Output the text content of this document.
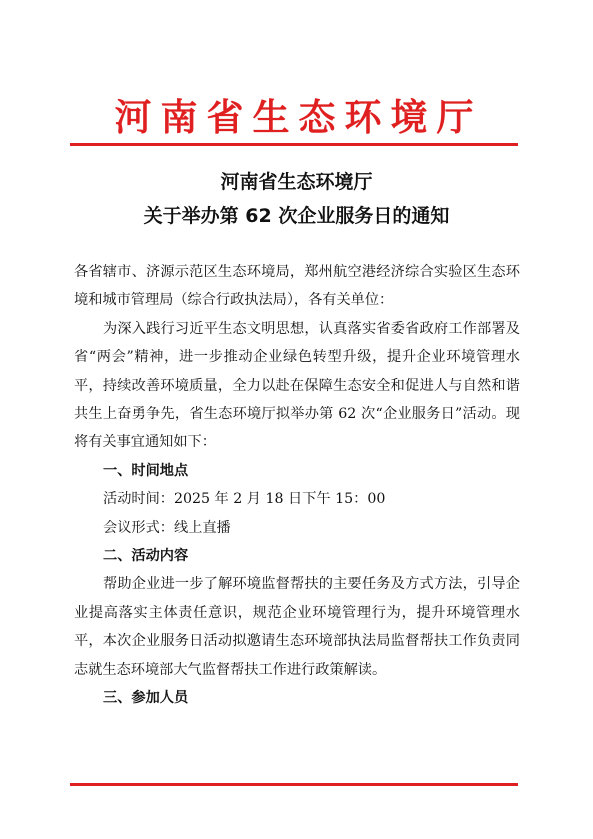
河南省生态环境厅
河南省生态环境厅
关于举办第 62 次企业服务日的通知

各省辖市、济源示范区生态环境局，郑州航空港经济综合实验区生态环境和城市管理局（综合行政执法局），各有关单位：

为深入践行习近平生态文明思想，认真落实省委省政府工作部署及省“两会”精神，进一步推动企业绿色转型升级，提升企业环境管理水平，持续改善环境质量，全力以赴在保障生态安全和促进人与自然和谐共生上奋勇争先，省生态环境厅拟举办第 62 次“企业服务日”活动。现将有关事宜通知如下：

一、时间地点

活动时间：2025 年 2 月 18 日下午 15：00

会议形式：线上直播

二、活动内容

帮助企业进一步了解环境监督帮扶的主要任务及方式方法，引导企业提高落实主体责任意识，规范企业环境管理行为，提升环境管理水平，本次企业服务日活动拟邀请生态环境部执法局监督帮扶工作负责同志就生态环境部大气监督帮扶工作进行政策解读。

三、参加人员
